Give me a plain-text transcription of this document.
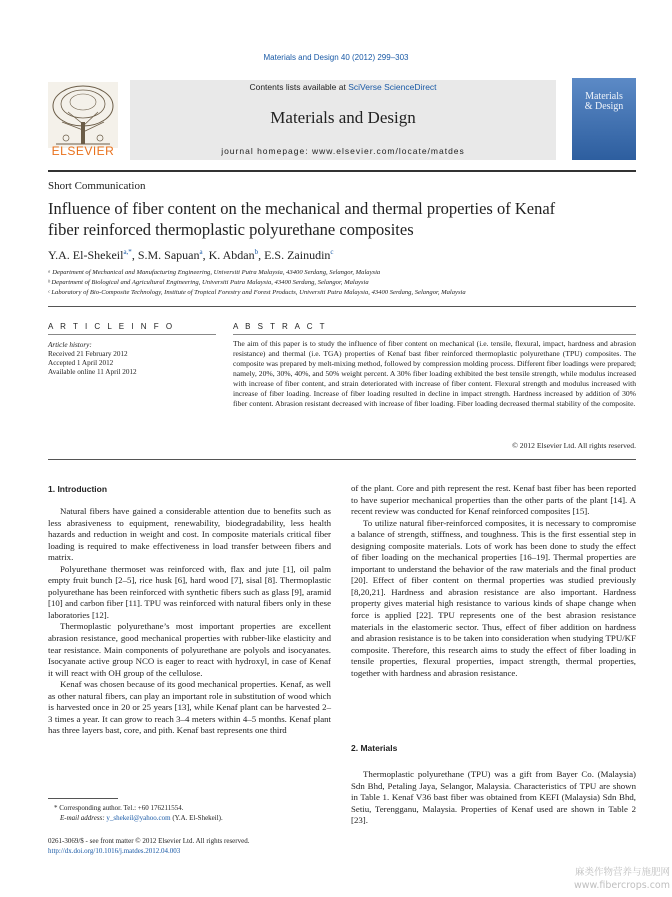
Materials and Design 40 (2012) 299–303
ELSEVIER
Contents lists available at SciVerse ScienceDirect
Materials and Design
journal homepage: www.elsevier.com/locate/matdes
Materials
& Design
Short Communication
Influence of fiber content on the mechanical and thermal properties of Kenaf
fiber reinforced thermoplastic polyurethane composites
Y.A. El-Shekeil$^{a,*}$, S.M. Sapuan$^a$, K. Abdan$^b$, E.S. Zainudin$^c$
ᵃ Department of Mechanical and Manufacturing Engineering, Universiti Putra Malaysia, 43400 Serdang, Selangor, Malaysia
ᵇ Department of Biological and Agricultural Engineering, Universiti Putra Malaysia, 43400 Serdang, Selangor, Malaysia
ᶜ Laboratory of Bio-Composite Technology, Institute of Tropical Forestry and Forest Products, Universiti Putra Malaysia, 43400 Serdang, Selangor, Malaysia
A R T I C L E I N F O	A B S T R A C T
Article history:
Received 21 February 2012
Accepted 1 April 2012
Available online 11 April 2012
The aim of this paper is to study the influence of fiber content on mechanical (i.e. tensile, flexural, impact, hardness and abrasion resistance) and thermal (i.e. TGA) properties of Kenaf bast fiber reinforced thermoplastic polyurethane (TPU) composites. The composite was prepared by melt-mixing method, followed by compression molding process. Different fiber loadings were prepared; namely, 20%, 30%, 40%, and 50% weight percent. A 30% fiber loading exhibited the best tensile strength, while modulus increased with increase of fiber content, and strain deteriorated with increase of fiber content. Flexural strength and modulus increased with increase of fiber loading. Increase of fiber loading resulted in decline in impact strength. Hardness increased by addition of 30% fiber content. Abrasion resistant decreased with increase of fiber loading. Fiber loading decreased thermal stability of the composite.
© 2012 Elsevier Ltd. All rights reserved.
1. Introduction

Natural fibers have gained a considerable attention due to benefits such as less abrasiveness to equipment, renewability, biodegradability, less health hazards and reduction in weight and cost. In composite materials critical fiber loading is required to make effectiveness in load transfer between fibers and matrix.

Polyurethane thermoset was reinforced with, flax and jute [1], oil palm empty fruit bunch [2–5], rice husk [6], hard wood [7], sisal [8]. Thermoplastic polyurethane has been reinforced with synthetic fibers such as glass [9], aramid [10] and carbon fiber [11]. TPU was reinforced with natural fibers only in these laboratories [12].

Thermoplastic polyurethane’s most important properties are excellent abrasion resistance, good mechanical properties with rubber-like elasticity and tear resistance. Main components of polyurethane are polyols and isocyanates. Isocyanate active group NCO is eager to react with hydroxyl, in case of Kenaf it will react with OH group of the cellulose.

Kenaf was chosen because of its good mechanical properties. Kenaf, as well as other natural fibers, can play an important role in substitution of wood which is harvested once in 20 or 25 years [13], while Kenaf plant can be harvested 2–3 times a year. It can grow to reach 3–4 meters within 4–5 months. Kenaf plant has three layers bast, core, and pith. Kenaf bast represents one third

of the plant. Core and pith represent the rest. Kenaf bast fiber has been reported to have superior mechanical properties than the other parts of the plant [14]. A recent review was conducted for Kenaf reinforced composites [15].

To utilize natural fiber-reinforced composites, it is necessary to compromise a balance of strength, stiffness, and toughness. This is the first essential step in designing composite materials. Lots of work has been done to study the effect of fiber loading on the mechanical properties [16–19]. Thermal properties are important to understand the behavior of the raw materials and the final product [20]. Effect of fiber content on thermal properties was studied previously [8,20,21]. Hardness and abrasion resistance are also important. Hardness property gives material high resistance to various kinds of shape change when force is applied [22]. TPU represents one of the best abrasion resistance materials in the elastomeric sector. Thus, effect of fiber addition on hardness and abrasion resistance is to be taken into consideration when studying TPU/KF composite. Therefore, this research aims to study the effect of fiber loading in tensile properties, flexural properties, impact strength, thermal properties, together with hardness and abrasion resistance.

2. Materials

Thermoplastic polyurethane (TPU) was a gift from Bayer Co. (Malaysia) Sdn Bhd, Petaling Jaya, Selangor, Malaysia. Characteristics of TPU are shown in Table 1. Kenaf V36 bast fiber was obtained from KEFI (Malaysia) Sdn Bhd, Setiu, Terengganu, Malaysia. Properties of Kenaf used are shown in Table 2 [23].

* Corresponding author. Tel.: +60 176211554.
E-mail address: y_shekeil@yahoo.com (Y.A. El-Shekeil).
0261-3069/$ - see front matter © 2012 Elsevier Ltd. All rights reserved.
http://dx.doi.org/10.1016/j.matdes.2012.04.003
麻类作物营养与施肥网
www.fibercrops.com
